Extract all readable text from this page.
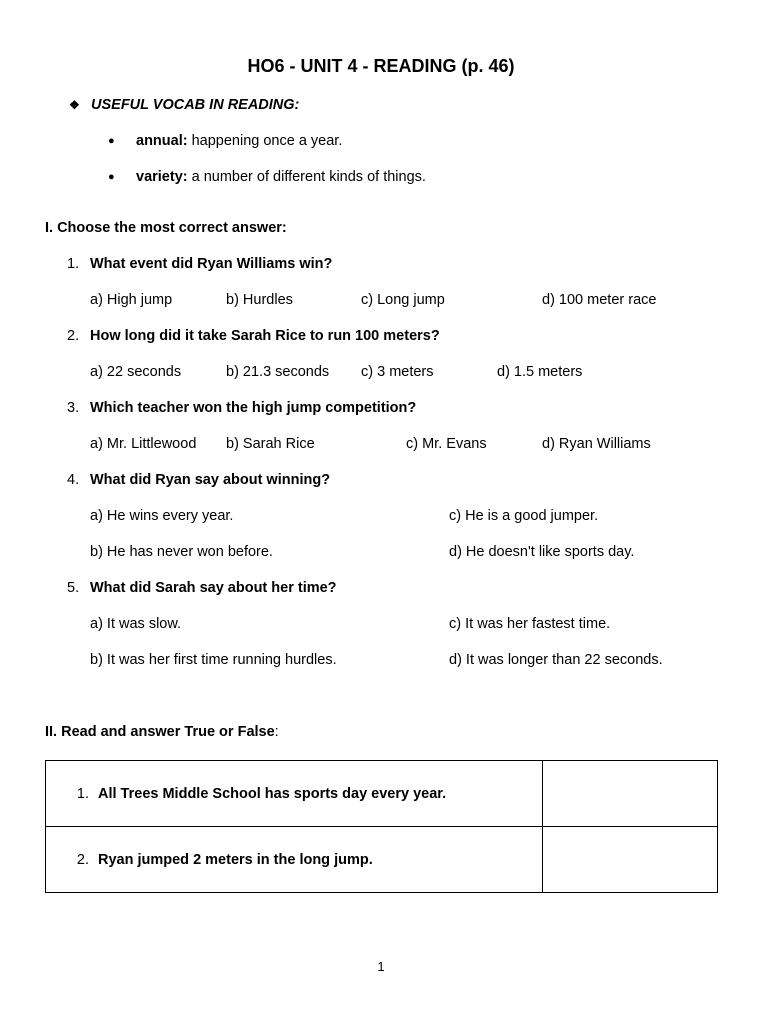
HO6 - UNIT 4 - READING (p. 46)
❖ USEFUL VOCAB IN READING:
● annual: happening once a year.
● variety: a number of different kinds of things.
I. Choose the most correct answer:
1. What event did Ryan Williams win?
a) High jump	b) Hurdles	c) Long jump	d) 100 meter race
2. How long did it take Sarah Rice to run 100 meters?
a) 22 seconds	b) 21.3 seconds c) 3 meters	d) 1.5 meters
3. Which teacher won the high jump competition?
a) Mr. Littlewood b) Sarah Rice	c) Mr. Evans	d) Ryan Williams
4. What did Ryan say about winning?
a) He wins every year.	c) He is a good jumper.
b) He has never won before.	d) He doesn't like sports day.
5. What did Sarah say about her time?
a) It was slow.	c) It was her fastest time.
b) It was her first time running hurdles.	d) It was longer than 22 seconds.
II. Read and answer True or False:
1. All Trees Middle School has sports day every year.	

2. Ryan jumped 2 meters in the long jump.	

1
